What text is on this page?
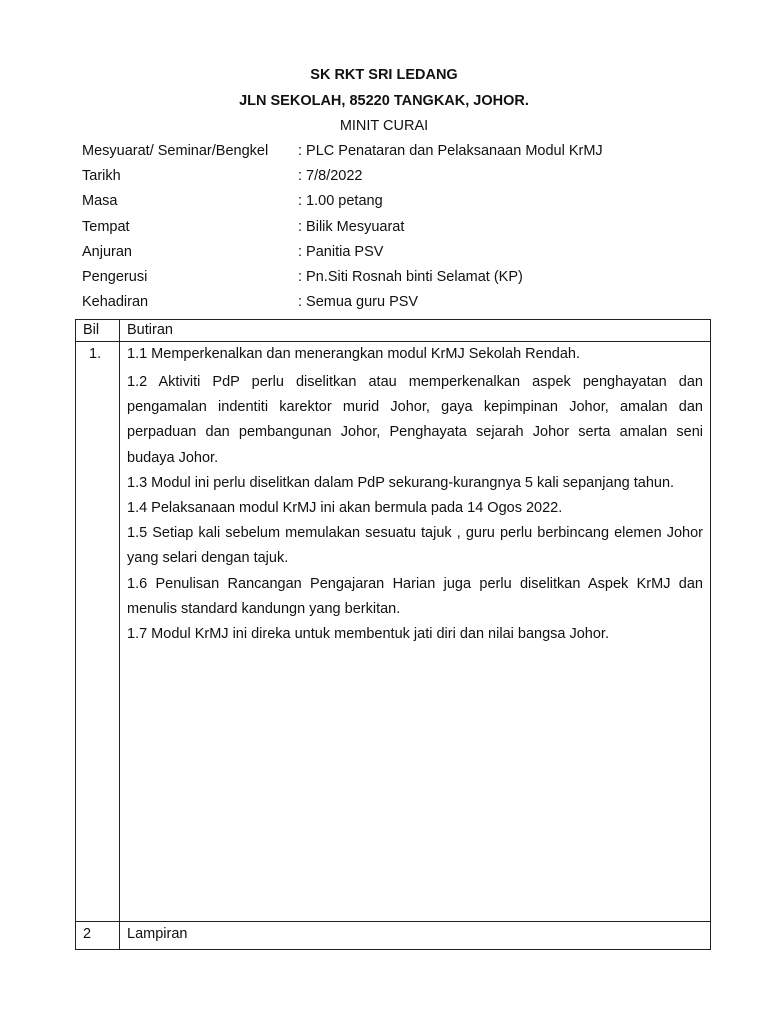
SK RKT SRI LEDANG
JLN SEKOLAH, 85220 TANGKAK, JOHOR.
MINIT CURAI
Mesyuarat/ Seminar/Bengkel : PLC Penataran dan Pelaksanaan Modul KrMJ
Tarikh	: 7/8/2022
Masa	: 1.00 petang
Tempat	: Bilik Mesyuarat
Anjuran	: Panitia PSV
Pengerusi	: Pn.Siti Rosnah binti Selamat (KP)
Kehadiran	: Semua guru PSV
Bil Butiran
1. 1.1 Memperkenalkan dan menerangkan modul KrMJ Sekolah Rendah.

1.2 Aktiviti PdP perlu diselitkan atau memperkenalkan aspek penghayatan dan pengamalan indentiti karektor murid Johor, gaya kepimpinan Johor, amalan dan perpaduan dan pembangunan Johor, Penghayata sejarah Johor serta amalan seni budaya Johor.

1.3 Modul ini perlu diselitkan dalam PdP sekurang-kurangnya 5 kali sepanjang tahun.

1.4 Pelaksanaan modul KrMJ ini akan bermula pada 14 Ogos 2022.

1.5 Setiap kali sebelum memulakan sesuatu tajuk , guru perlu berbincang elemen Johor yang selari dengan tajuk.

1.6 Penulisan Rancangan Pengajaran Harian juga perlu diselitkan Aspek KrMJ dan menulis standard kandungn yang berkitan.

1.7 Modul KrMJ ini direka untuk membentuk jati diri dan nilai bangsa Johor.

2 Lampiran
